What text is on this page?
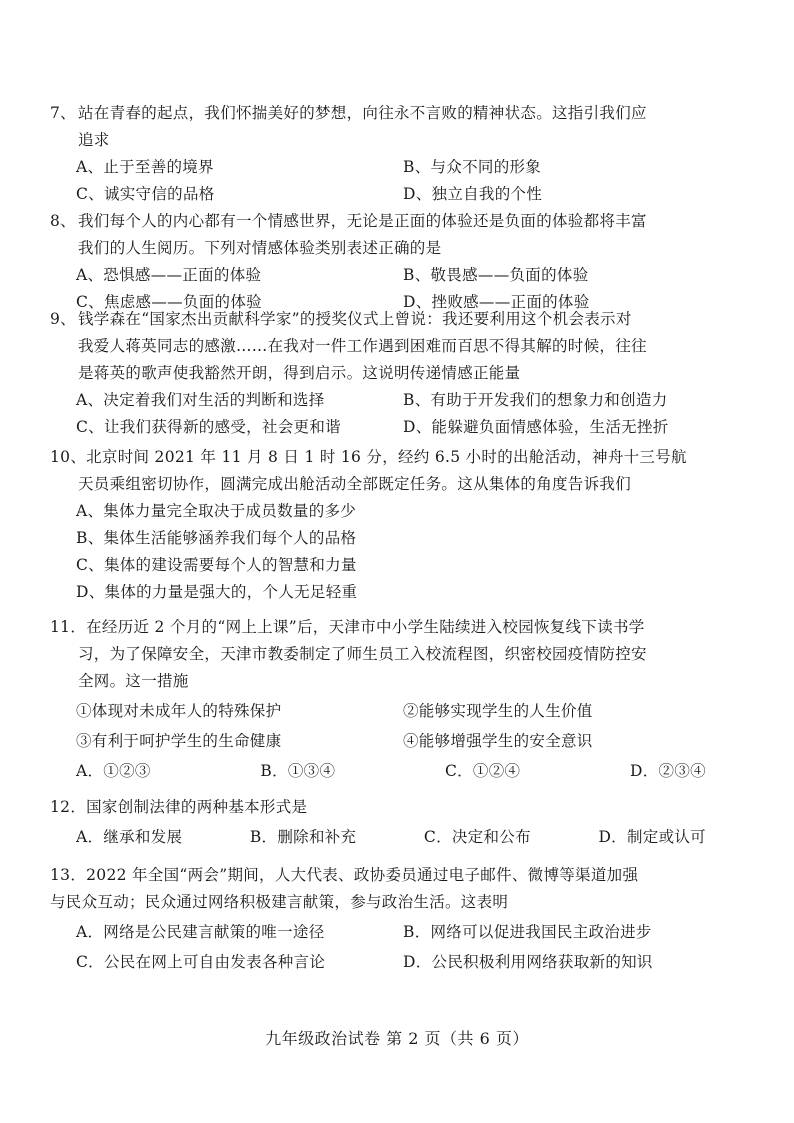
7、 站在青春的起点，我们怀揣美好的梦想，向往永不言败的精神状态。这指引我们应

追求

A、止于至善的境界	B、与众不同的形象
C、诚实守信的品格	D、独立自我的个性

8、 我们每个人的内心都有一个情感世界，无论是正面的体验还是负面的体验都将丰富

我们的人生阅历。下列对情感体验类别表述正确的是

A、恐惧感——正面的体验	B、敬畏感——负面的体验
C、焦虑感——负面的体验	D、挫败感——正面的体验

9、 钱学森在“国家杰出贡献科学家”的授奖仪式上曾说：我还要利用这个机会表示对

我爱人蒋英同志的感激……在我对一件工作遇到困难而百思不得其解的时候，往往

是蒋英的歌声使我豁然开朗，得到启示。这说明传递情感正能量

A、决定着我们对生活的判断和选择	B、有助于开发我们的想象力和创造力
C、让我们获得新的感受，社会更和谐	D、能躲避负面情感体验，生活无挫折

10、北京时间 2021 年 11 月 8 日 1 时 16 分，经约 6.5 小时的出舱活动，神舟十三号航

天员乘组密切协作，圆满完成出舱活动全部既定任务。这从集体的角度告诉我们

A、集体力量完全取决于成员数量的多少
B、集体生活能够涵养我们每个人的品格
C、集体的建设需要每个人的智慧和力量
D、集体的力量是强大的，个人无足轻重

11．在经历近 2 个月的“网上上课”后，天津市中小学生陆续进入校园恢复线下读书学

习，为了保障安全，天津市教委制定了师生员工入校流程图，织密校园疫情防控安

全网。这一措施

①体现对未成年人的特殊保护	②能够实现学生的人生价值
③有利于呵护学生的生命健康	④能够增强学生的安全意识
A．①②③	B．①③④	C．①②④	D．②③④

12．国家创制法律的两种基本形式是

A．继承和发展	B．删除和补充	C．决定和公布	D．制定或认可

13．2022 年全国“两会”期间，人大代表、政协委员通过电子邮件、微博等渠道加强

与民众互动；民众通过网络积极建言献策，参与政治生活。这表明

A．网络是公民建言献策的唯一途径	B．网络可以促进我国民主政治进步
C．公民在网上可自由发表各种言论	D．公民积极利用网络获取新的知识
九年级政治试卷 第 2 页（共 6 页）
